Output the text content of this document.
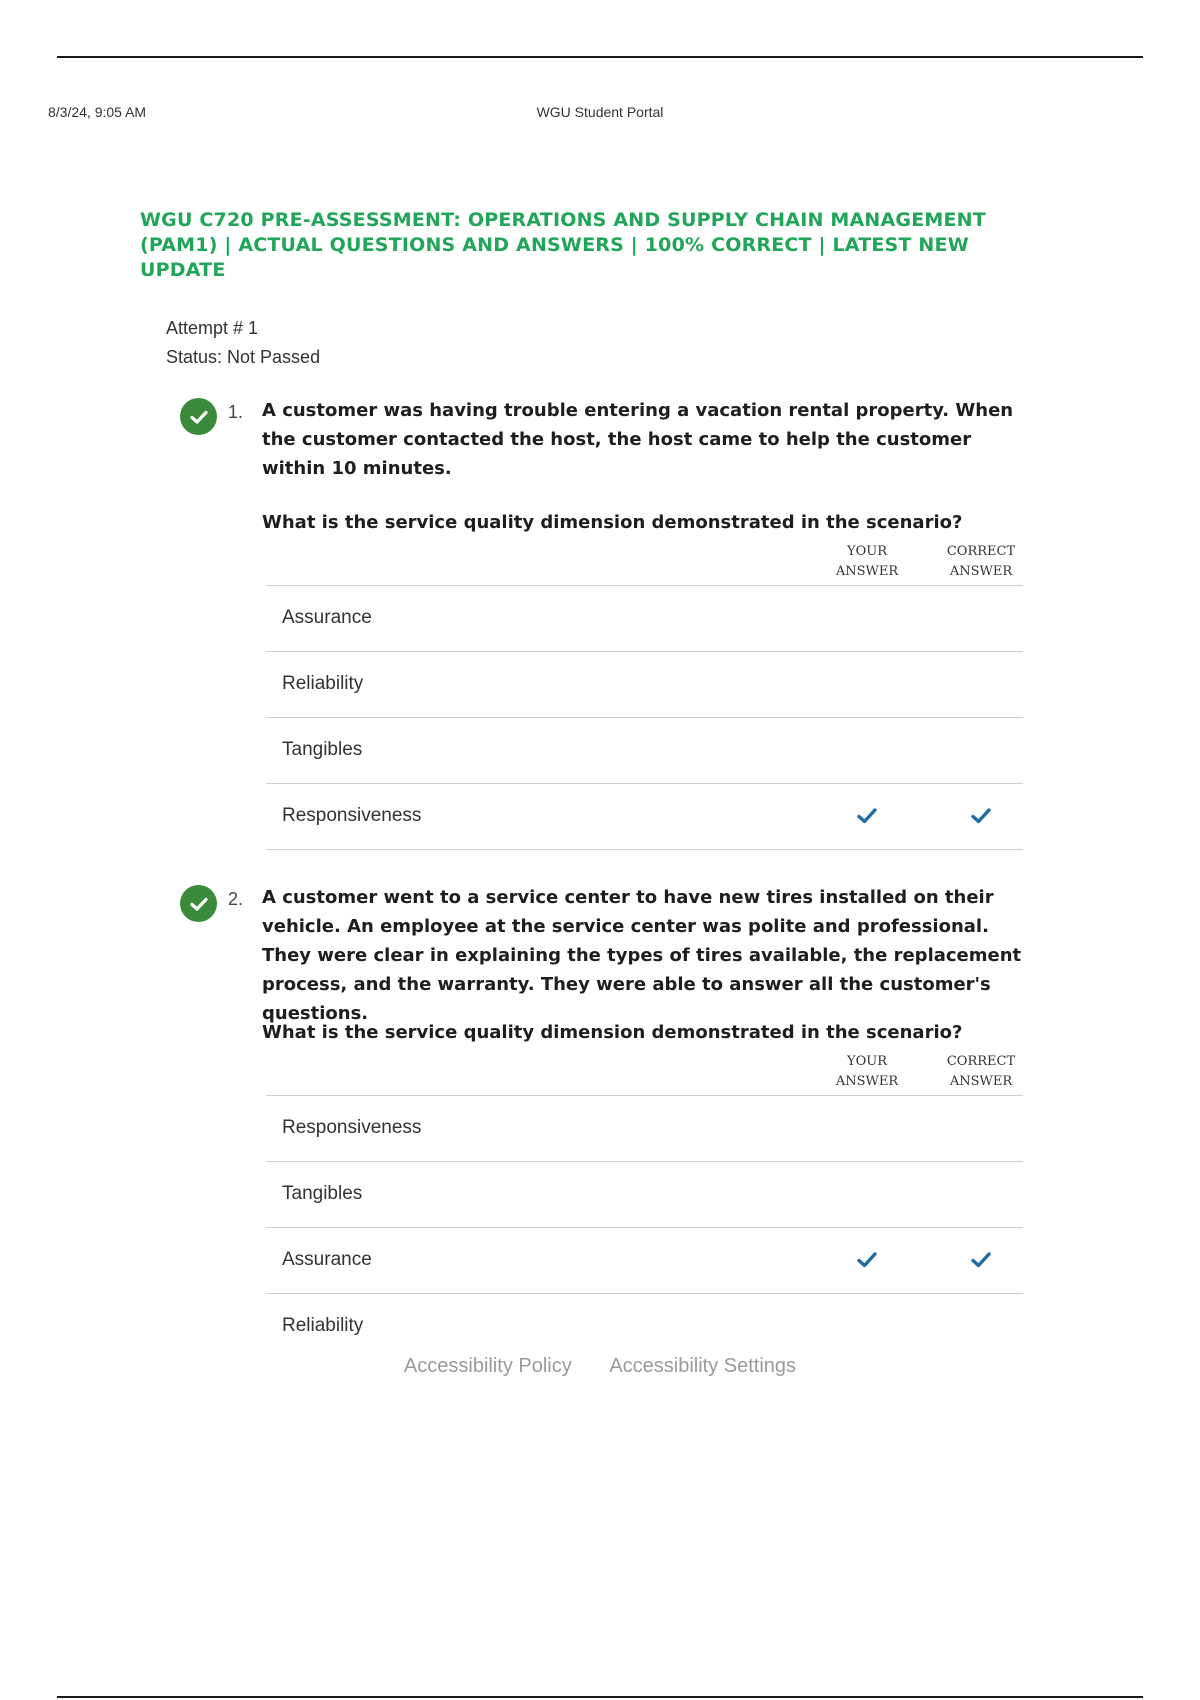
8/3/24, 9:05 AM	WGU Student Portal
WGU C720 PRE-ASSESSMENT: OPERATIONS AND SUPPLY CHAIN MANAGEMENT (PAM1) | ACTUAL QUESTIONS AND ANSWERS | 100% CORRECT | LATEST NEW UPDATE
Attempt # 1
Status: Not Passed
1. A customer was having trouble entering a vacation rental property. When the customer contacted the host, the host came to help the customer within 10 minutes.
What is the service quality dimension demonstrated in the scenario?
YOUR
ANSWER
CORRECT
ANSWER
Assurance
Reliability
Tangibles
Responsiveness
2. A customer went to a service center to have new tires installed on their vehicle. An employee at the service center was polite and professional. They were clear in explaining the types of tires available, the replacement process, and the warranty. They were able to answer all the customer's questions.
What is the service quality dimension demonstrated in the scenario?
YOUR
ANSWER
CORRECT
ANSWER
Responsiveness
Tangibles
Assurance
Reliability
Accessibility Policy Accessibility Settings
